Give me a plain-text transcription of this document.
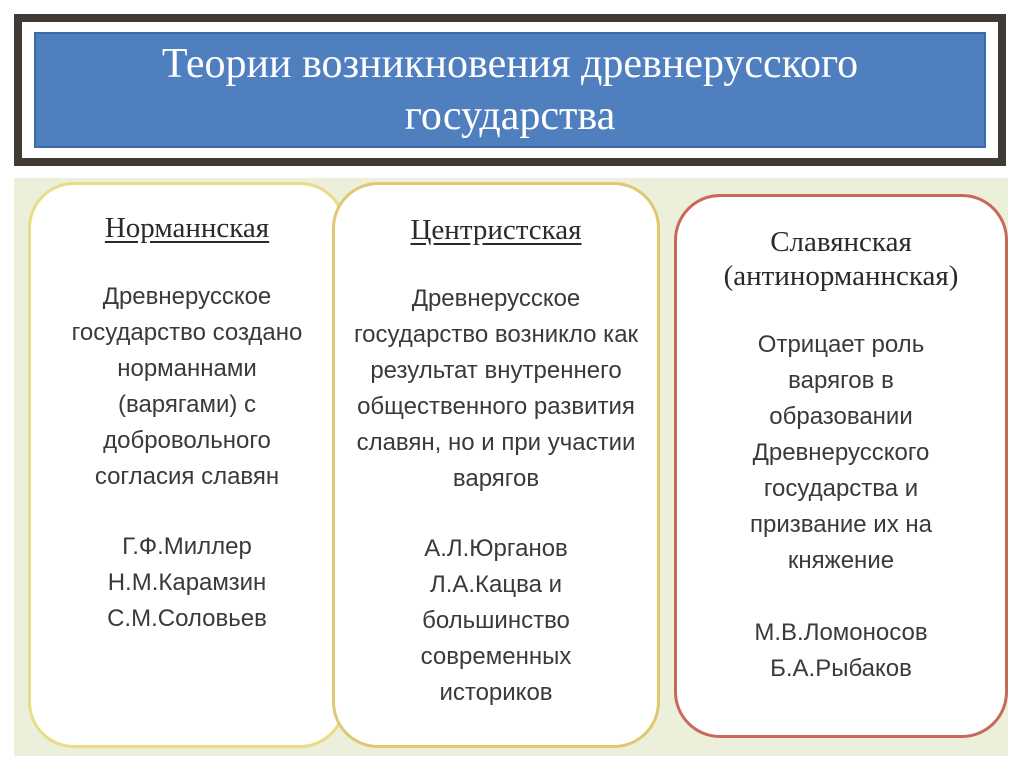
Теории возникновения древнерусского государства

Норманнская

Древнерусское государство создано норманнами (варягами) с добровольного согласия славян

Г.Ф.Миллер Н.М.Карамзин С.М.Соловьев

Центристская

Древнерусское государство возникло как результат внутреннего общественного развития славян, но и при участии варягов

А.Л.Юрганов Л.А.Кацва и большинство современных историков

Славянская (антинорманнская)

Отрицает роль варягов в образовании Древнерусского государства и призвание их на княжение

М.В.Ломоносов Б.А.Рыбаков
